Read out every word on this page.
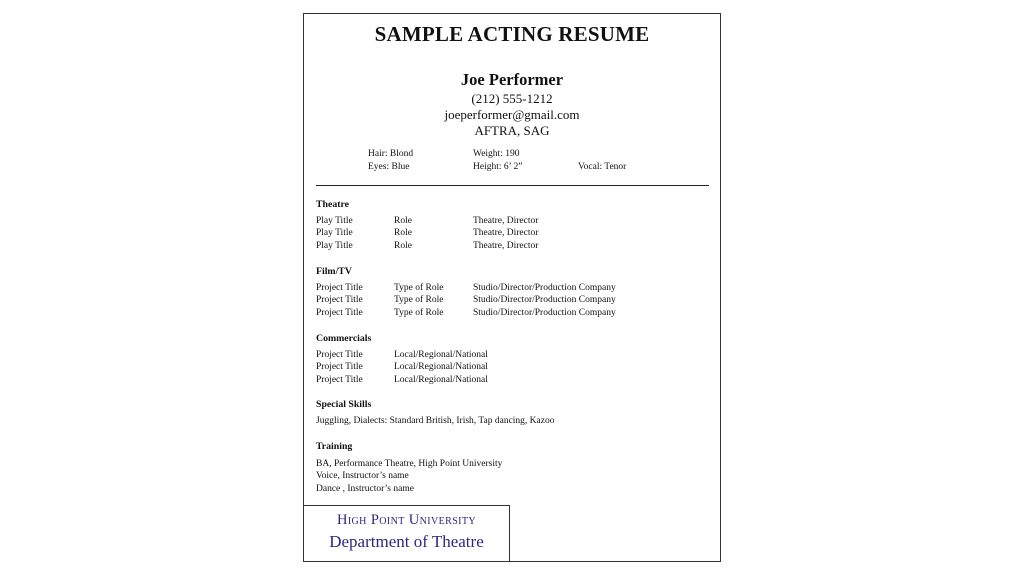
SAMPLE ACTING RESUME
Joe Performer
(212) 555-1212
joeperformer@gmail.com
AFTRA, SAG
Hair: Blond	Weight: 190
Eyes: Blue	Height: 6’ 2”	Vocal: Tenor
Theatre
Play Title	Role	Theatre, Director
Play Title	Role	Theatre, Director
Play Title	Role	Theatre, Director
Film/TV
Project Title	Type of Role	Studio/Director/Production Company
Project Title	Type of Role	Studio/Director/Production Company
Project Title	Type of Role	Studio/Director/Production Company
Commercials
Project Title	Local/Regional/National
Project Title	Local/Regional/National
Project Title	Local/Regional/National
Special Skills
Juggling, Dialects: Standard British, Irish, Tap dancing, Kazoo
Training
BA, Performance Theatre, High Point University
Voice, Instructor’s name
Dance , Instructor’s name
High Point University
Department of Theatre
